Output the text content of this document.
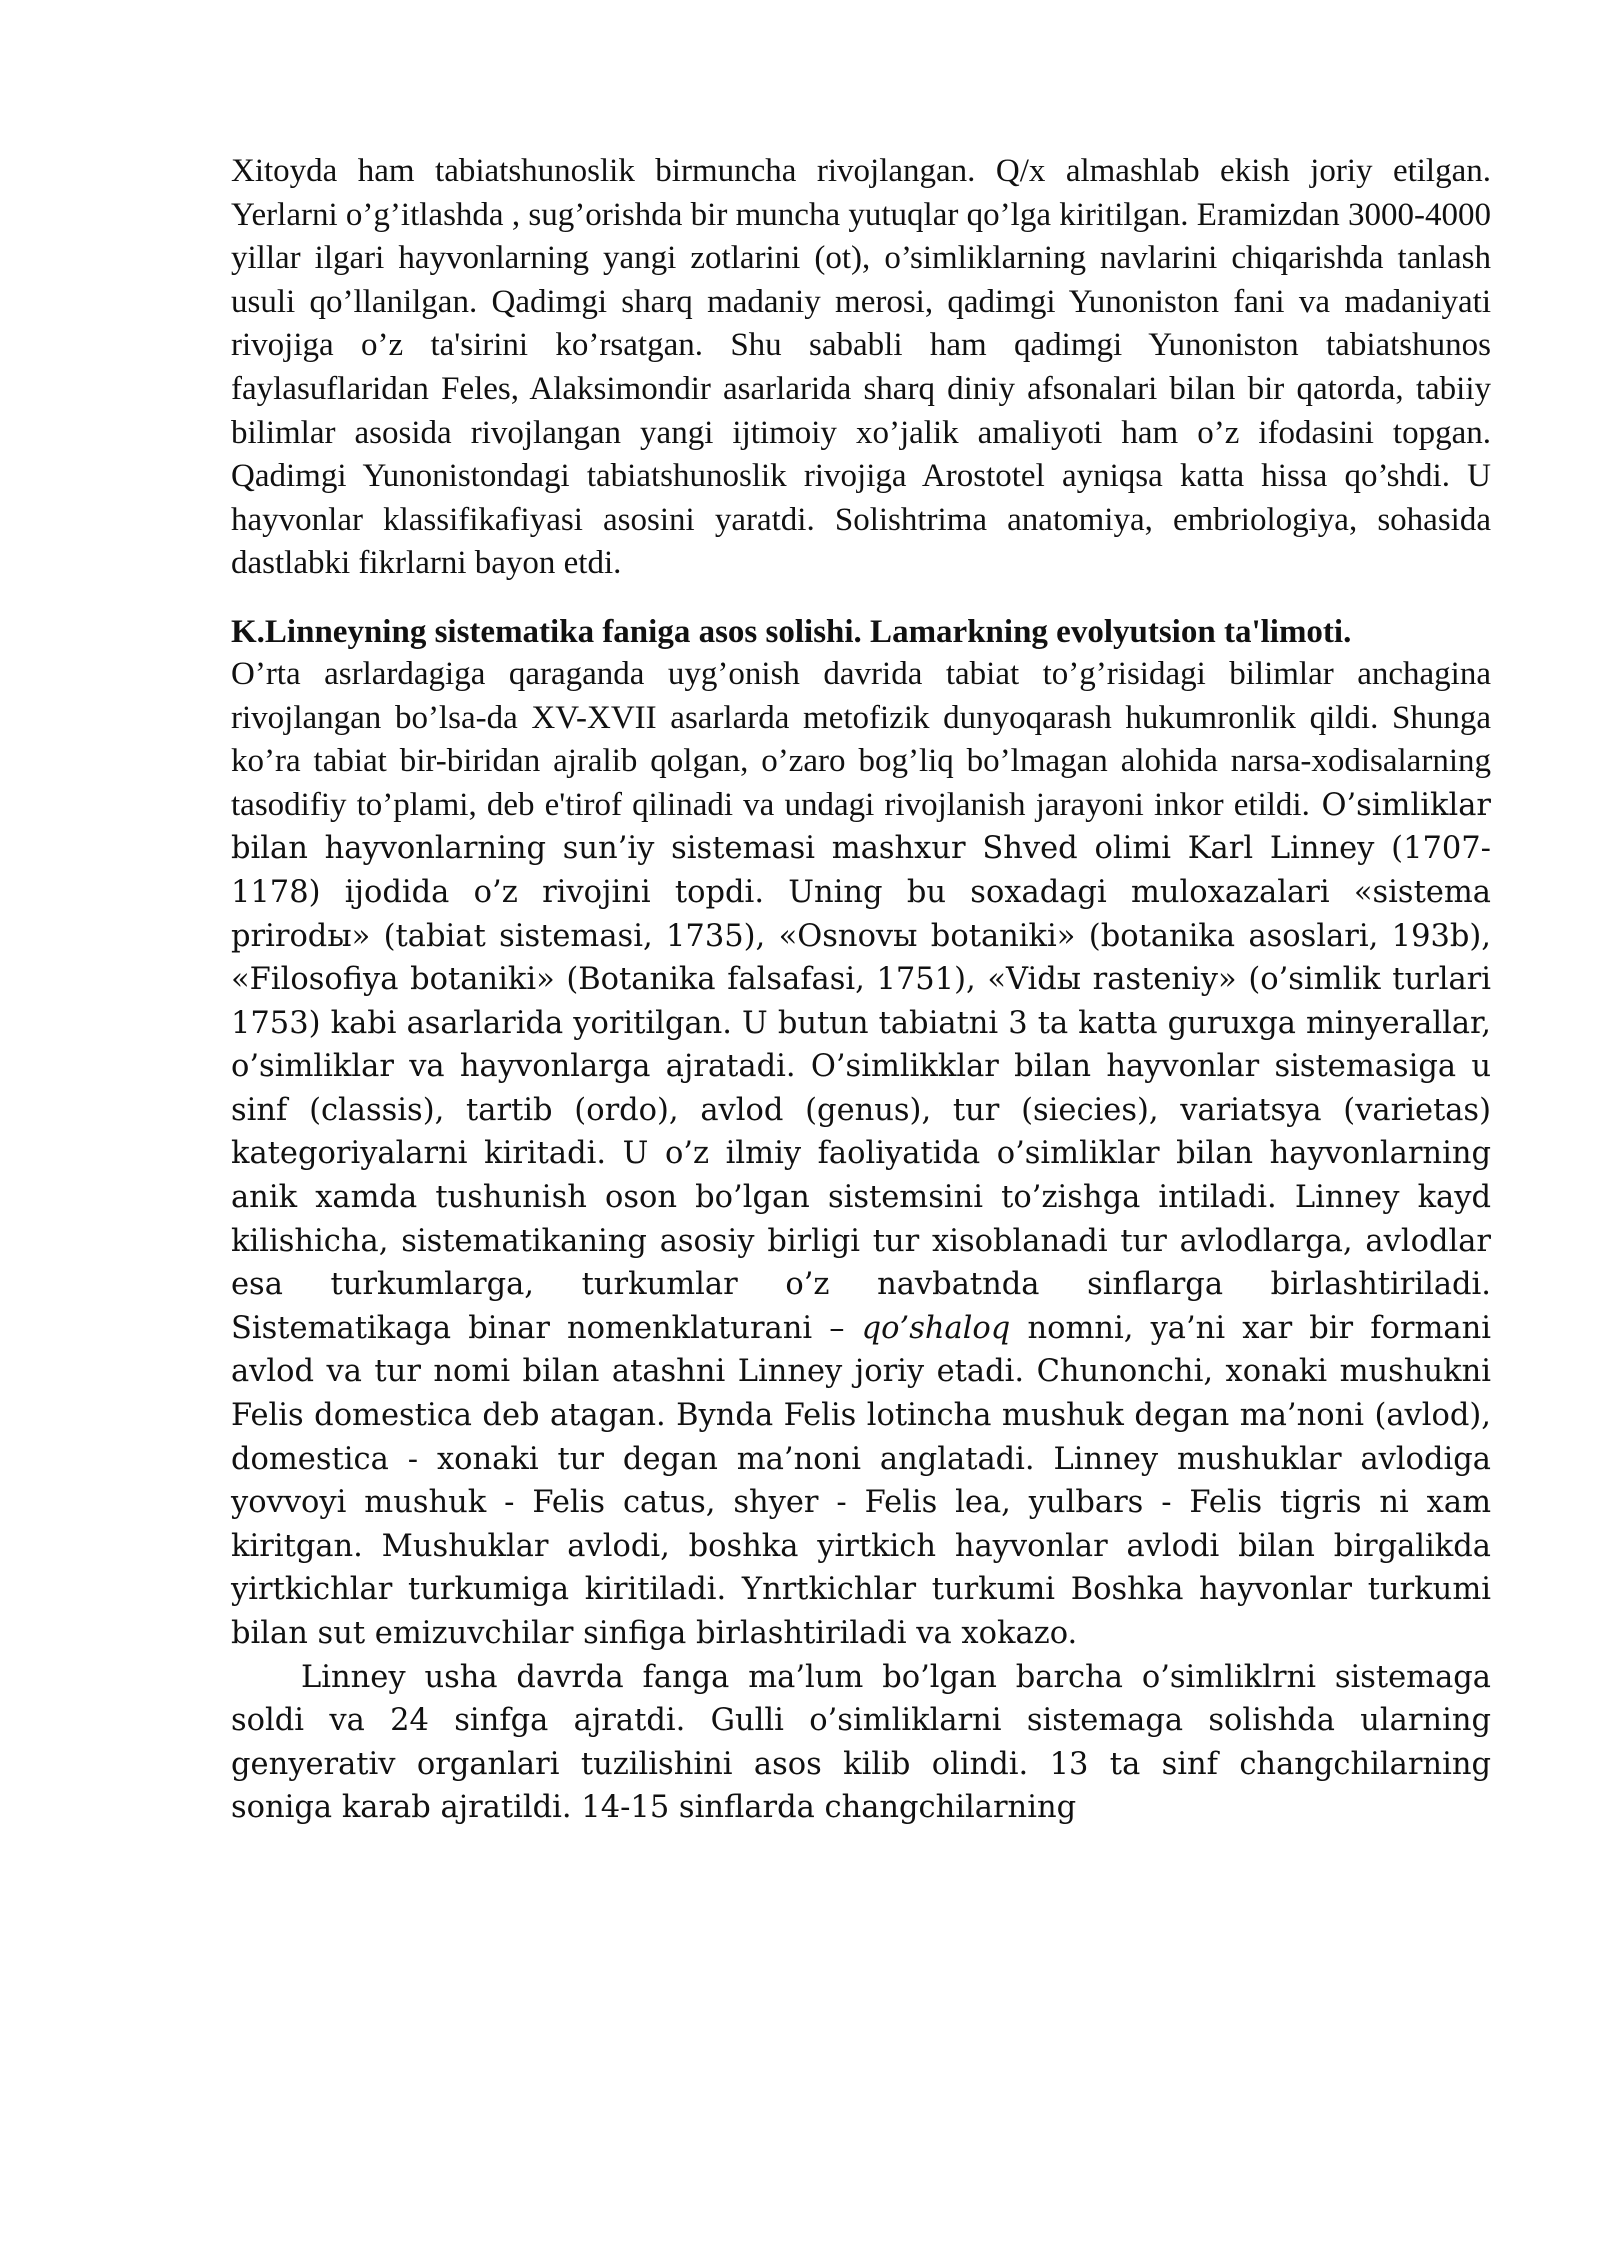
Xitoyda ham tabiatshunoslik birmuncha rivojlangan. Q/x almashlab ekish joriy etilgan. Yerlarni o’g’itlashda , sug’orishda bir muncha yutuqlar qo’lga kiritilgan. Eramizdan 3000-4000 yillar ilgari hayvonlarning yangi zotlarini (ot), o’simliklarning navlarini chiqarishda tanlash usuli qo’llanilgan. Qadimgi sharq madaniy merosi, qadimgi Yunoniston fani va madaniyati rivojiga o’z ta'sirini ko’rsatgan. Shu sababli ham qadimgi Yunoniston tabiatshunos faylasuflaridan Feles, Alaksimondir asarlarida sharq diniy afsonalari bilan bir qatorda, tabiiy bilimlar asosida rivojlangan yangi ijtimoiy xo’jalik amaliyoti ham o’z ifodasini topgan. Qadimgi Yunonistondagi tabiatshunoslik rivojiga Arostotel ayniqsa katta hissa qo’shdi. U hayvonlar klassifikafiyasi asosini yaratdi. Solishtrima anatomiya, embriologiya, sohasida dastlabki fikrlarni bayon etdi.

K.Linneyning sistematika faniga asos solishi. Lamarkning evolyutsion ta'limoti.

O’rta asrlardagiga qaraganda uyg’onish davrida tabiat to’g’risidagi bilimlar anchagina rivojlangan bo’lsa-da XV-XVII asarlarda metofizik dunyoqarash hukumronlik qildi. Shunga ko’ra tabiat bir-biridan ajralib qolgan, o’zaro bog’liq bo’lmagan alohida narsa-xodisalarning tasodifiy to’plami, deb e'tirof qilinadi va undagi rivojlanish jarayoni inkor etildi. O’simliklar bilan hayvonlarning sun’iy sistemasi mashxur Shved olimi Karl Linney (1707-1178) ijodida o’z rivojini topdi. Uning bu soxadagi muloxazalari «sistema prirodы» (tabiat sistemasi, 1735), «Osnovы botaniki» (botanika asoslari, 193b), «Filosofiya botaniki» (Botanika falsafasi, 1751), «Vidы rasteniy» (o’simlik turlari 1753) kabi asarlarida yoritilgan. U butun tabiatni 3 ta katta guruxga minyerallar, o’simliklar va hayvonlarga ajratadi. O’simlikklar bilan hayvonlar sistemasiga u sinf (classis), tartib (ordo), avlod (genus), tur (siecies), variatsya (varietas) kategoriyalarni kiritadi. U o’z ilmiy faoliyatida o’simliklar bilan hayvonlarning anik xamda tushunish oson bo’lgan sistemsini to’zishga intiladi. Linney kayd kilishicha, sistematikaning asosiy birligi tur xisoblanadi tur avlodlarga, avlodlar esa turkumlarga, turkumlar o’z navbatnda sinflarga birlashtiriladi. Sistematikaga binar nomenklaturani – qo’shaloq nomni, ya’ni xar bir formani avlod va tur nomi bilan atashni Linney joriy etadi. Chunonchi, xonaki mushukni Felis domestica deb atagan. Bynda Felis lotincha mushuk degan ma’noni (avlod), domestica - xonaki tur degan ma’noni anglatadi. Linney mushuklar avlodiga yovvoyi mushuk - Felis catus, shyer - Felis lea, yulbars - Felis tigris ni xam kiritgan. Mushuklar avlodi, boshka yirtkich hayvonlar avlodi bilan birgalikda yirtkichlar turkumiga kiritiladi. Ynrtkichlar turkumi Boshka hayvonlar turkumi bilan sut emizuvchilar sinfiga birlashtiriladi va xokazo.

Linney usha davrda fanga ma’lum bo’lgan barcha o’simliklrni sistemaga soldi va 24 sinfga ajratdi. Gulli o’simliklarni sistemaga solishda ularning genyerativ organlari tuzilishini asos kilib olindi. 13 ta sinf changchilarning soniga karab ajratildi. 14-15 sinflarda changchilarning
